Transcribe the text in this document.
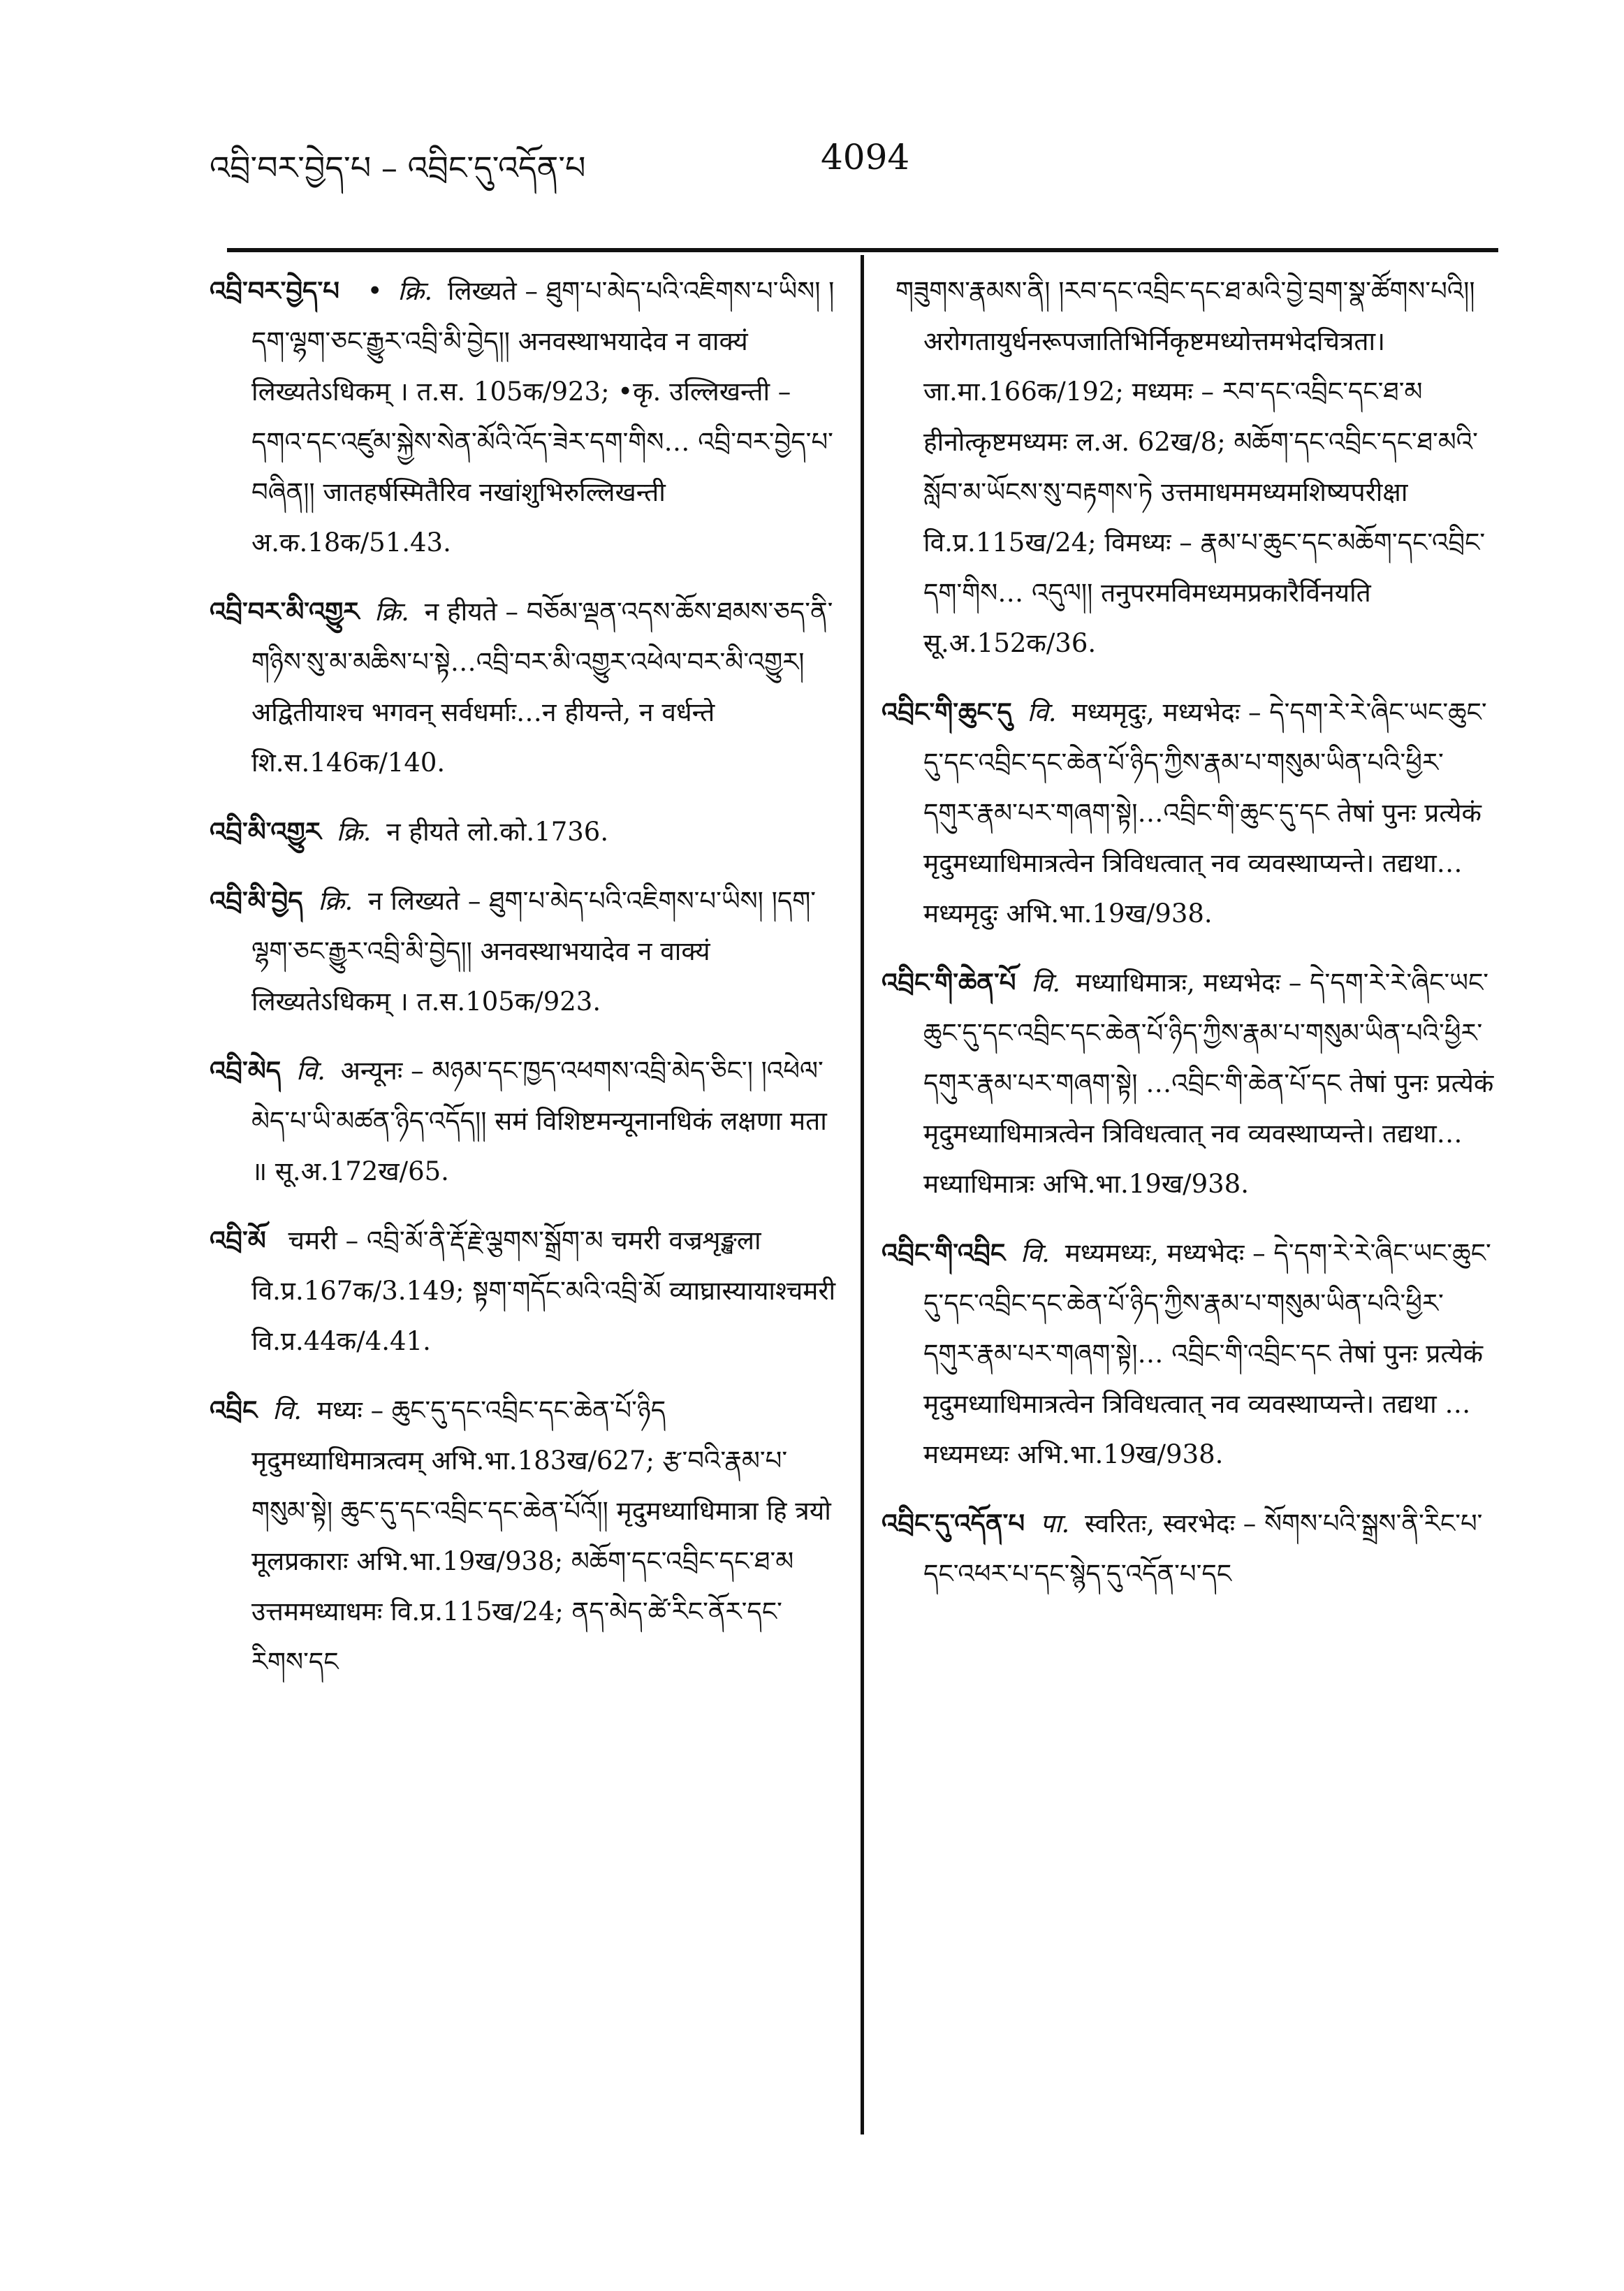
འབྲི་བར་བྱེད་པ – འབྲིང་དུ་འདོན་པ	4094

འབྲི་བར་བྱེད་པ • क्रि. लिख्यते – ཐུག་པ་མེད་པའི་འཇིགས་པ་ཡིས། །དག་ལྷག་ཅང་རྒྱུར་འབྲི་མི་བྱེད།། अनवस्थाभयादेव न वाक्यं लिख्यतेऽधिकम् । त.स. 105क/923; •कृ. उल्लिखन्ती – དགའ་དང་འཛུམ་སྐྱེས་སེན་མོའི་འོད་ཟེར་དག་གིས… འབྲི་བར་བྱེད་པ་བཞིན།། जातहर्षस्मितैरिव नखांशुभिरुल्लिखन्ती अ.क.18क/51.43.

འབྲི་བར་མི་འགྱུར क्रि. न हीयते – བཅོམ་ལྡན་འདས་ཆོས་ཐམས་ཅད་ནི་གཉིས་སུ་མ་མཆིས་པ་སྟེ…འབྲི་བར་མི་འགྱུར་འཕེལ་བར་མི་འགྱུར། अद्वितीयाश्च भगवन् सर्वधर्माः…न हीयन्ते, न वर्धन्ते शि.स.146क/140.

འབྲི་མི་འགྱུར क्रि. न हीयते लो.को.1736.

འབྲི་མི་བྱེད क्रि. न लिख्यते – ཐུག་པ་མེད་པའི་འཇིགས་པ་ཡིས། །དག་ལྷག་ཅང་རྒྱུར་འབྲི་མི་བྱེད།། अनवस्थाभयादेव न वाक्यं लिख्यतेऽधिकम् । त.स.105क/923.

འབྲི་མེད वि. अन्यूनः – མཉམ་དང་ཁྱད་འཕགས་འབྲི་མེད་ཅིང་། །འཕེལ་མེད་པ་ཡི་མཚན་ཉིད་འདོད།། समं विशिष्टमन्यूनानधिकं लक्षणा मता ॥ सू.अ.172ख/65.

འབྲི་མོ चमरी – འབྲི་མོ་ནི་རྡོ་རྗེ་ལྕགས་སྒྲོག་མ चमरी वज्रशृङ्खला वि.प्र.167क/3.149; སྟག་གདོང་མའི་འབྲི་མོ व्याघ्रास्यायाश्चमरी वि.प्र.44क/4.41.

འབྲིང वि. मध्यः – ཆུང་དུ་དང་འབྲིང་དང་ཆེན་པོ་ཉིད मृदुमध्याधिमात्रत्वम् अभि.भा.183ख/627; རྩ་བའི་རྣམ་པ་གསུམ་སྟེ། ཆུང་དུ་དང་འབྲིང་དང་ཆེན་པོའོ།། मृदुमध्याधिमात्रा हि त्रयो मूलप्रकाराः अभि.भा.19ख/938; མཆོག་དང་འབྲིང་དང་ཐ་མ उत्तममध्याधमः वि.प्र.115ख/24; ནད་མེད་ཚེ་རིང་ནོར་དང་རིགས་དང

གཟུགས་རྣམས་ནི། །རབ་དང་འབྲིང་དང་ཐ་མའི་བྱེ་བྲག་སྣ་ཚོགས་པའི།། अरोगतायुर्धनरूपजातिभिर्निकृष्टमध्योत्तमभेदचित्रता। जा.मा.166क/192; मध्यमः – རབ་དང་འབྲིང་དང་ཐ་མ हीनोत्कृष्टमध्यमः ल.अ. 62ख/8; མཆོག་དང་འབྲིང་དང་ཐ་མའི་སློབ་མ་ཡོངས་སུ་བརྟགས་ཏེ उत्तमाधममध्यमशिष्यपरीक्षा वि.प्र.115ख/24; विमध्यः – རྣམ་པ་ཆུང་དང་མཆོག་དང་འབྲིང་དག་གིས… འདུལ།། तनुपरमविमध्यमप्रकारैर्विनयति सू.अ.152क/36.

འབྲིང་གི་ཆུང་དུ वि. मध्यमृदुः, मध्यभेदः – དེ་དག་རེ་རེ་ཞིང་ཡང་ཆུང་དུ་དང་འབྲིང་དང་ཆེན་པོ་ཉིད་ཀྱིས་རྣམ་པ་གསུམ་ཡིན་པའི་ཕྱིར་དགུར་རྣམ་པར་གཞག་སྟེ།…འབྲིང་གི་ཆུང་དུ་དང तेषां पुनः प्रत्येकं मृदुमध्याधिमात्रत्वेन त्रिविधत्वात् नव व्यवस्थाप्यन्ते। तद्यथा…मध्यमृदुः अभि.भा.19ख/938.

འབྲིང་གི་ཆེན་པོ वि. मध्याधिमात्रः, मध्यभेदः – དེ་དག་རེ་རེ་ཞིང་ཡང་ཆུང་དུ་དང་འབྲིང་དང་ཆེན་པོ་ཉིད་ཀྱིས་རྣམ་པ་གསུམ་ཡིན་པའི་ཕྱིར་དགུར་རྣམ་པར་གཞག་སྟེ། …འབྲིང་གི་ཆེན་པོ་དང तेषां पुनः प्रत्येकं मृदुमध्याधिमात्रत्वेन त्रिविधत्वात् नव व्यवस्थाप्यन्ते। तद्यथा…मध्याधिमात्रः अभि.भा.19ख/938.

འབྲིང་གི་འབྲིང वि. मध्यमध्यः, मध्यभेदः – དེ་དག་རེ་རེ་ཞིང་ཡང་ཆུང་དུ་དང་འབྲིང་དང་ཆེན་པོ་ཉིད་ཀྱིས་རྣམ་པ་གསུམ་ཡིན་པའི་ཕྱིར་དགུར་རྣམ་པར་གཞག་སྟེ།… འབྲིང་གི་འབྲིང་དང तेषां पुनः प्रत्येकं मृदुमध्याधिमात्रत्वेन त्रिविधत्वात् नव व्यवस्थाप्यन्ते। तद्यथा …मध्यमध्यः अभि.भा.19ख/938.

འབྲིང་དུ་འདོན་པ पा. स्वरितः, स्वरभेदः – སོགས་པའི་སྒྲས་ནི་རིང་པ་དང་འཕར་པ་དང་སྙེད་དུ་འདོན་པ་དང
